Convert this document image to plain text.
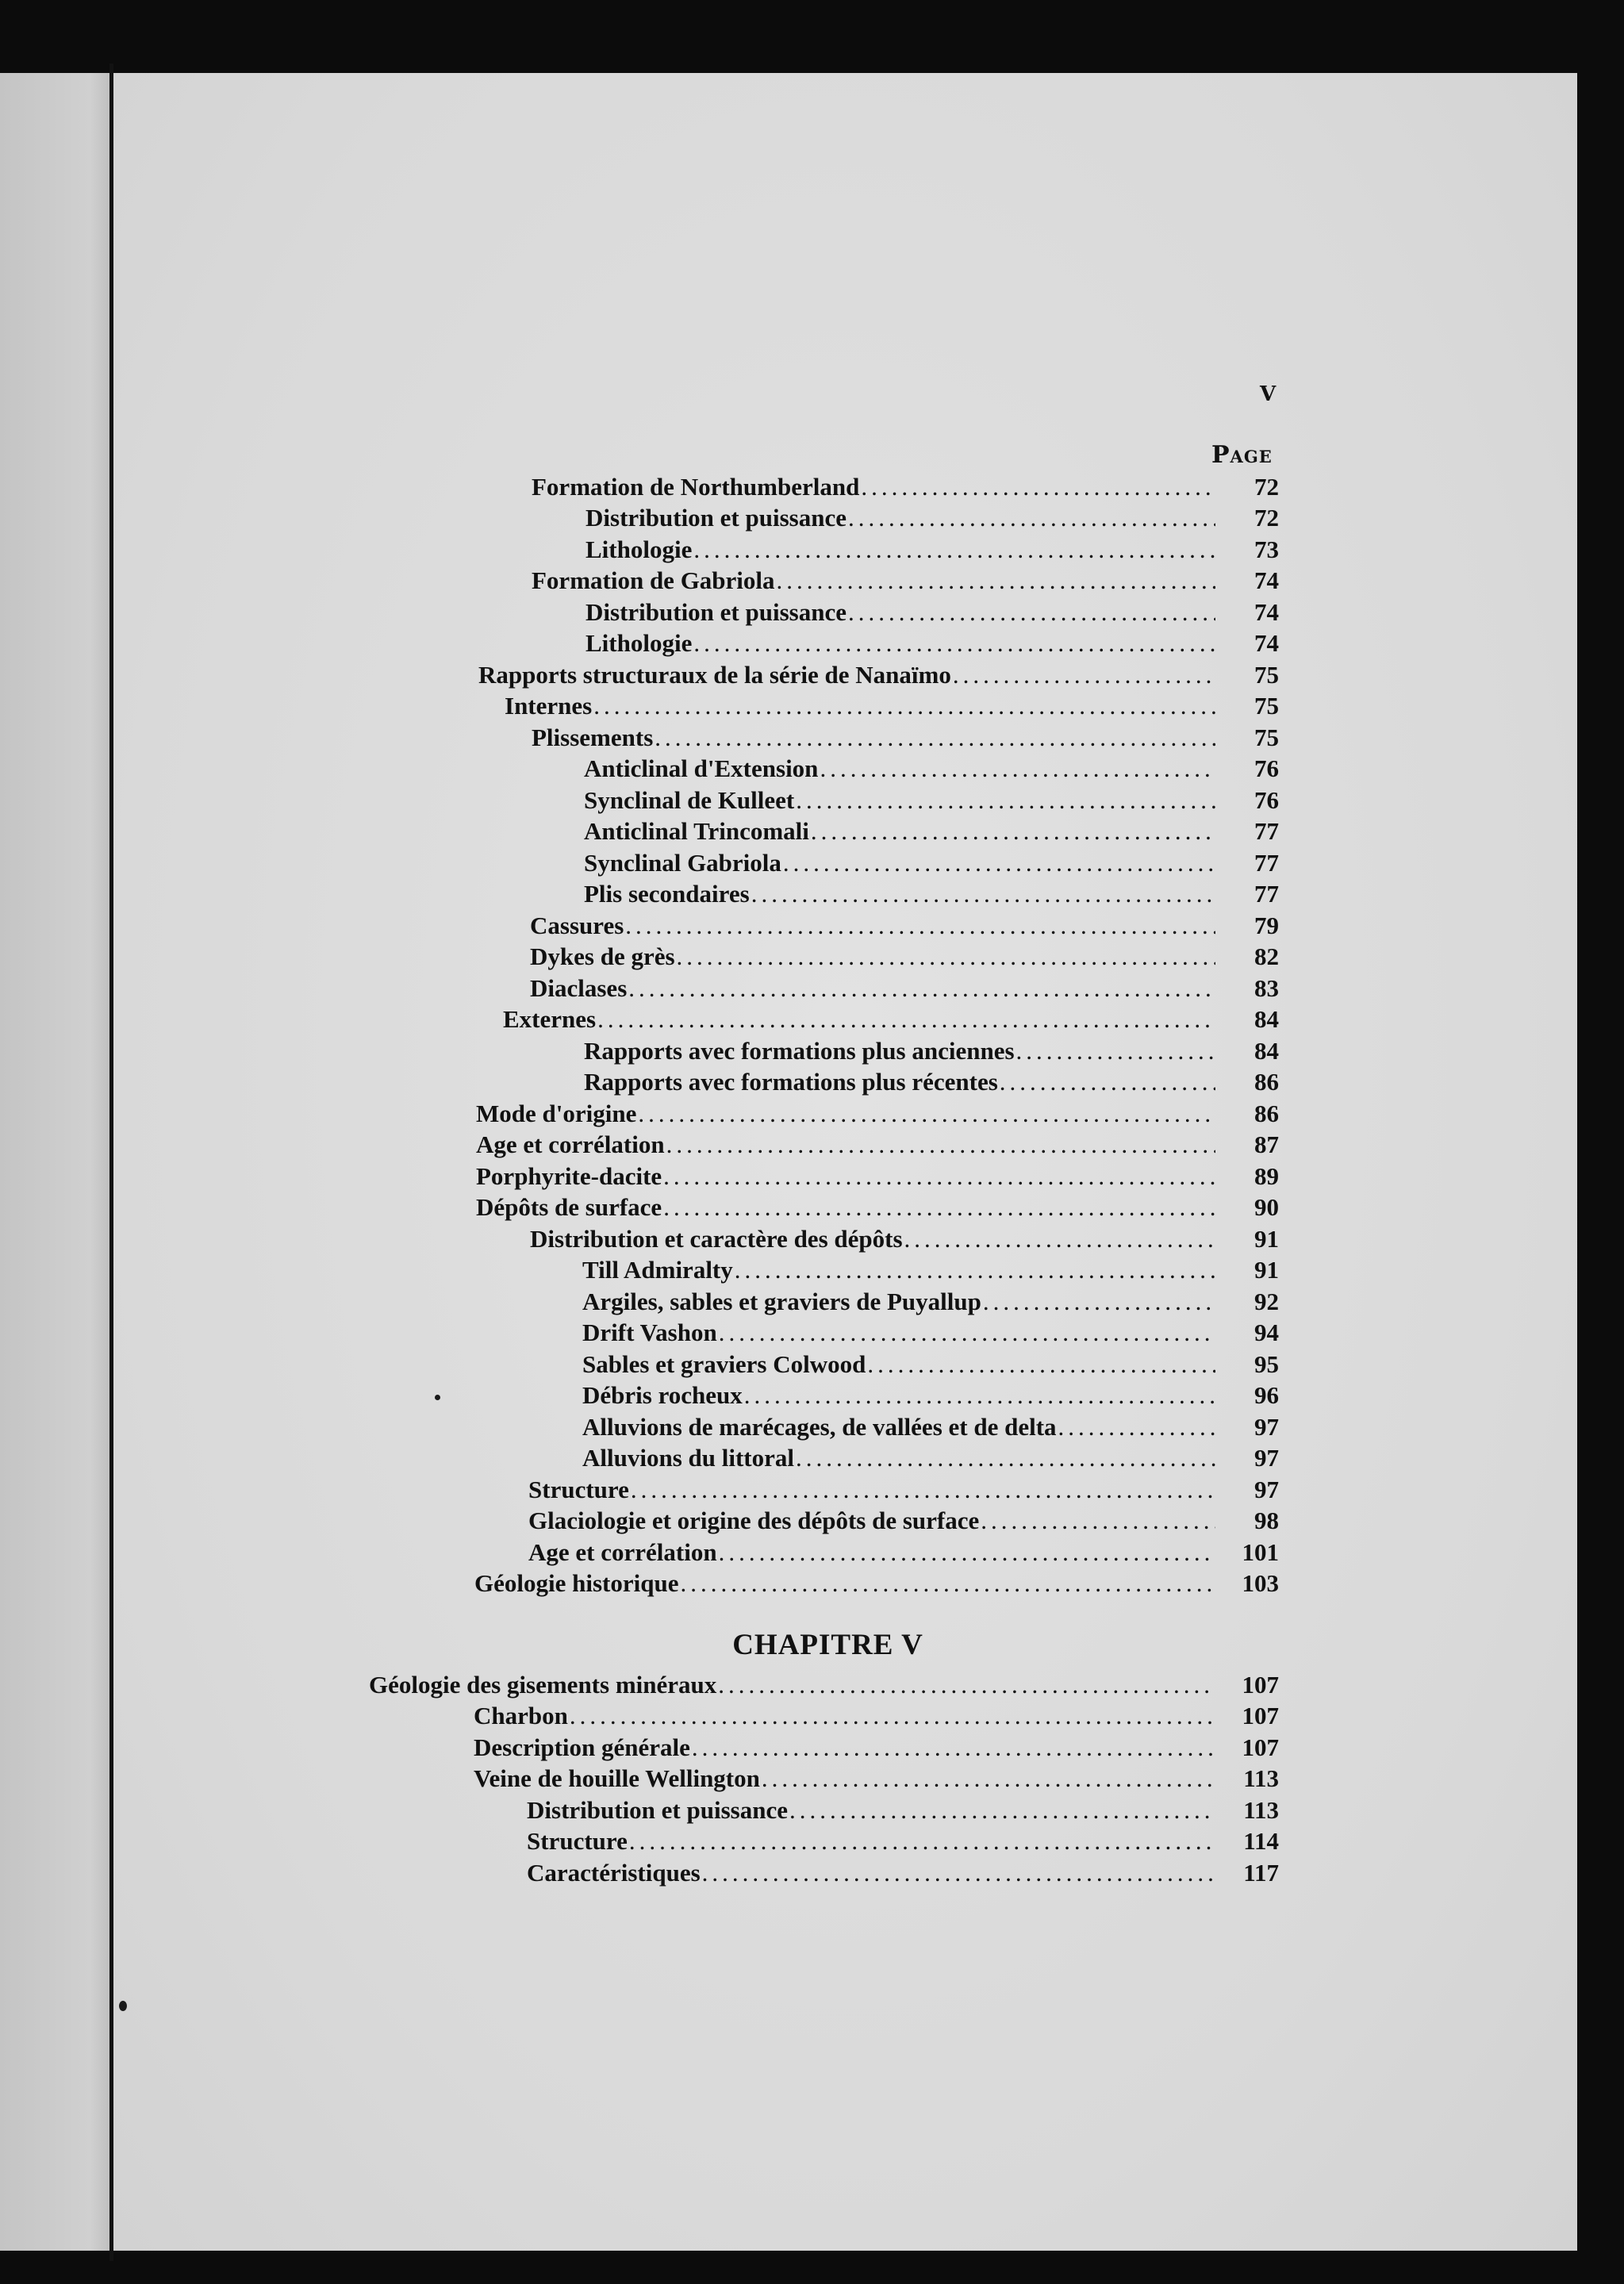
V
Page
Formation de Northumberland .....	72
Distribution et puissance .....	72
Lithologie .....	73
Formation de Gabriola .....	74
Distribution et puissance .....	74
Lithologie .....	74
Rapports structuraux de la série de Nanaïmo .....	75
Internes .....	75
Plissements .....	75
Anticlinal d'Extension .....	76
Synclinal de Kulleet .....	76
Anticlinal Trincomali .....	77
Synclinal Gabriola .....	77
Plis secondaires .....	77
Cassures .....	79
Dykes de grès .....	82
Diaclases .....	83
Externes .....	84
Rapports avec formations plus anciennes .....	84
Rapports avec formations plus récentes .....	86
Mode d'origine .....	86
Age et corrélation .....	87
Porphyrite-dacite .....	89
Dépôts de surface .....	90
Distribution et caractère des dépôts .....	91
Till Admiralty .....	91
Argiles, sables et graviers de Puyallup .....	92
Drift Vashon .....	94
Sables et graviers Colwood .....	95
Débris rocheux .....	96
Alluvions de marécages, de vallées et de delta .....	97
Alluvions du littoral .....	97
Structure .....	97
Glaciologie et origine des dépôts de surface .....	98
Age et corrélation .....	101
Géologie historique .....	103
CHAPITRE V
Géologie des gisements minéraux .....	107
Charbon .....	107
Description générale .....	107
Veine de houille Wellington .....	113
Distribution et puissance .....	113
Structure .....	114
Caractéristiques .....	117
